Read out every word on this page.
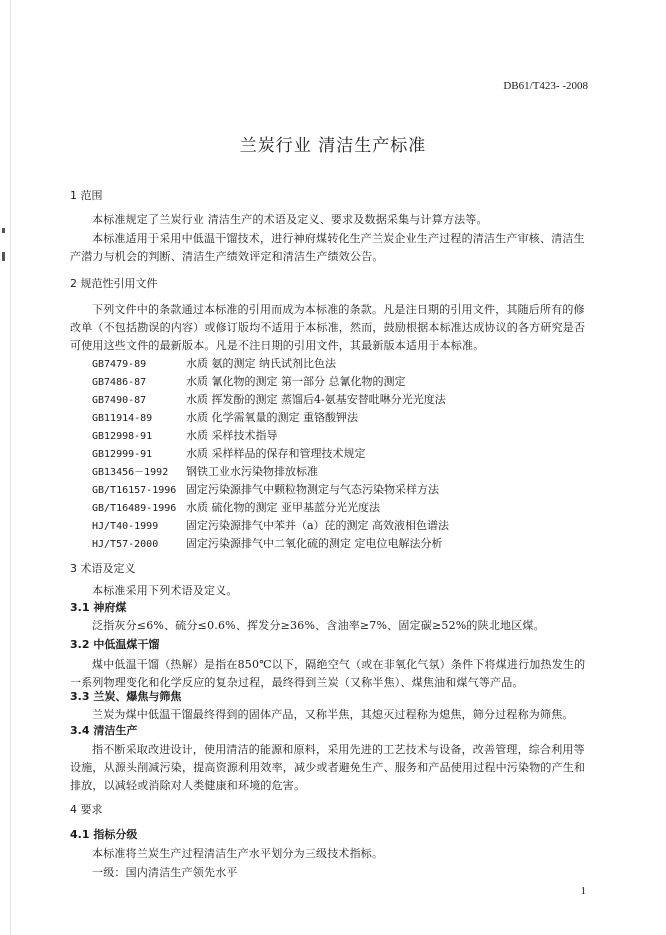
DB61/T423- -2008
兰炭行业 清洁生产标准
1 范围
本标准规定了兰炭行业 清洁生产的术语及定义、要求及数据采集与计算方法等。
本标准适用于采用中低温干馏技术，进行神府煤转化生产兰炭企业生产过程的清洁生产审核、清洁生产潜力与机会的判断、清洁生产绩效评定和清洁生产绩效公告。
2 规范性引用文件
下列文件中的条款通过本标准的引用而成为本标准的条款。凡是注日期的引用文件，其随后所有的修改单（不包括勘误的内容）或修订版均不适用于本标准，然而，鼓励根据本标准达成协议的各方研究是否可使用这些文件的最新版本。凡是不注日期的引用文件，其最新版本适用于本标准。
GB7479-89	水质 氨的测定 纳氏试剂比色法
GB7486-87	水质 氰化物的测定 第一部分 总氰化物的测定
GB7490-87	水质 挥发酚的测定 蒸馏后4-氨基安替吡啉分光光度法
GB11914-89	水质 化学需氧量的测定 重铬酸钾法
GB12998-91	水质 采样技术指导
GB12999-91	水质 采样样品的保存和管理技术规定
GB13456－1992 钢铁工业水污染物排放标准
GB/T16157-1996 固定污染源排气中颗粒物测定与气态污染物采样方法
GB/T16489-1996 水质 硫化物的测定 亚甲基蓝分光光度法
HJ/T40-1999	固定污染源排气中苯并（a）芘的测定 高效液相色谱法
HJ/T57-2000	固定污染源排气中二氧化硫的测定 定电位电解法分析
3 术语及定义
本标准采用下列术语及定义。
3.1 神府煤
泛指灰分≤6%、硫分≤0.6%、挥发分≥36%、含油率≥7%、固定碳≥52%的陕北地区煤。
3.2 中低温煤干馏
煤中低温干馏（热解）是指在850℃以下，隔绝空气（或在非氧化气氛）条件下将煤进行加热发生的一系列物理变化和化学反应的复杂过程，最终得到兰炭（又称半焦）、煤焦油和煤气等产品。
3.3 兰炭、爆焦与筛焦
兰炭为煤中低温干馏最终得到的固体产品，又称半焦，其熄灭过程称为熄焦，筛分过程称为筛焦。
3.4 清洁生产
指不断采取改进设计，使用清洁的能源和原料，采用先进的工艺技术与设备，改善管理，综合利用等设施，从源头削减污染，提高资源利用效率，减少或者避免生产、服务和产品使用过程中污染物的产生和排放，以减轻或消除对人类健康和环境的危害。
4 要求
4.1 指标分级
本标准将兰炭生产过程清洁生产水平划分为三级技术指标。
一级：国内清洁生产领先水平
1
